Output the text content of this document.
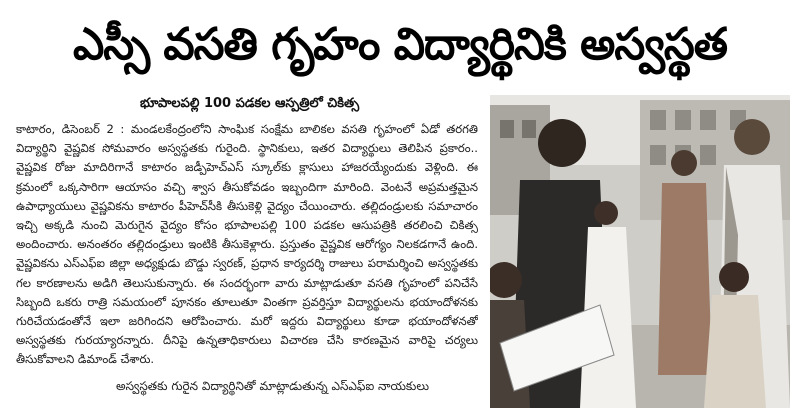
ఎస్సీ వసతి గృహం విద్యార్థినికి అస్వస్థత
భూపాలపల్లి 100 పడకల ఆస్పత్రిలో చికిత్స
కాటారం, డిసెంబర్ 2 : మండలకేంద్రంలోని సాంఘిక సంక్షేమ బాలికల వసతి గృహంలో ఏడో తరగతి విద్యార్థిని వైష్ణవిక సోమవారం అస్వస్థతకు గురైంది. స్థానికులు, ఇతర విద్యార్థులు తెలిపిన ప్రకారం.. వైష్ణవిక రోజు మాదిరిగానే కాటారం జడ్పీహెచ్‌ఎస్ స్కూల్‌కు క్లాసులు హాజరయ్యేందుకు వెళ్లింది. ఈ క్రమంలో ఒక్కసారిగా ఆయాసం వచ్చి శ్వాస తీసుకోవడం ఇబ్బందిగా మారింది. వెంటనే అప్రమత్తమైన ఉపాధ్యాయులు వైష్ణవికను కాటారం పీహెచ్‌సీకి తీసుకెళ్లి వైద్యం చేయించారు. తల్లిదండ్రులకు సమాచారం ఇచ్చి అక్కడి నుంచి మెరుగైన వైద్యం కోసం భూపాలపల్లి 100 పడకల ఆసుపత్రికి తరలించి చికిత్స అందించారు. అనంతరం తల్లిదండ్రులు ఇంటికి తీసుకెళ్లారు. ప్రస్తుతం వైష్ణవిక ఆరోగ్యం నిలకడగానే ఉంది. వైష్ణవికను ఎస్‌ఎఫ్ఐ జిల్లా అధ్యక్షుడు బొడ్డు స్వరణ్, ప్రధాన కార్యదర్శి రాజులు పరామర్శించి అస్వస్థతకు గల కారణాలను అడిగి తెలుసుకున్నారు. ఈ సందర్భంగా వారు మాట్లాడుతూ వసతి గృహంలో పనిచేసే సిబ్బంది ఒకరు రాత్రి సమయంలో పూనకం తూలుతూ వింతగా ప్రవర్తిస్తూ విద్యార్థులను భయాందోళనకు గురిచేయడంతోనే ఇలా జరిగిందని ఆరోపించారు. మరో ఇద్దరు విద్యార్థులు కూడా భయాందోళనతో అస్వస్థతకు గురయ్యారన్నారు. దీనిపై ఉన్నతాధికారులు విచారణ చేసి కారణమైన వారిపై చర్యలు తీసుకోవాలని డిమాండ్ చేశారు.
అస్వస్థతకు గురైన విద్యార్థినితో మాట్లాడుతున్న ఎస్‌ఎఫ్ఐ నాయకులు
